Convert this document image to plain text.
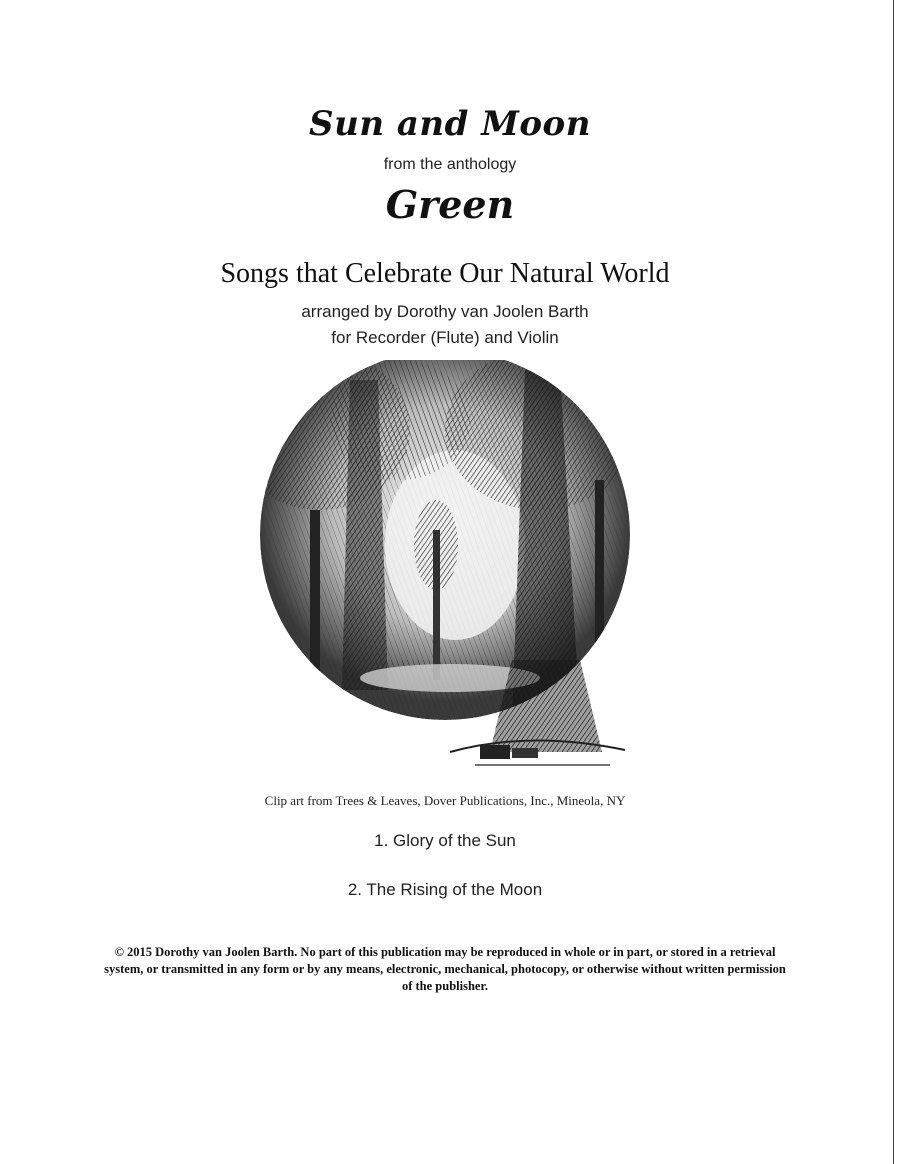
Sun and Moon
from the anthology
Green
Songs that Celebrate Our Natural World
arranged by Dorothy van Joolen Barth
for Recorder (Flute) and Violin
Clip art from Trees & Leaves, Dover Publications, Inc., Mineola, NY
1. Glory of the Sun
2. The Rising of the Moon
© 2015 Dorothy van Joolen Barth. No part of this publication may be reproduced in whole or in part, or stored in a retrieval system, or transmitted in any form or by any means, electronic, mechanical, photocopy, or otherwise without written permission of the publisher.
